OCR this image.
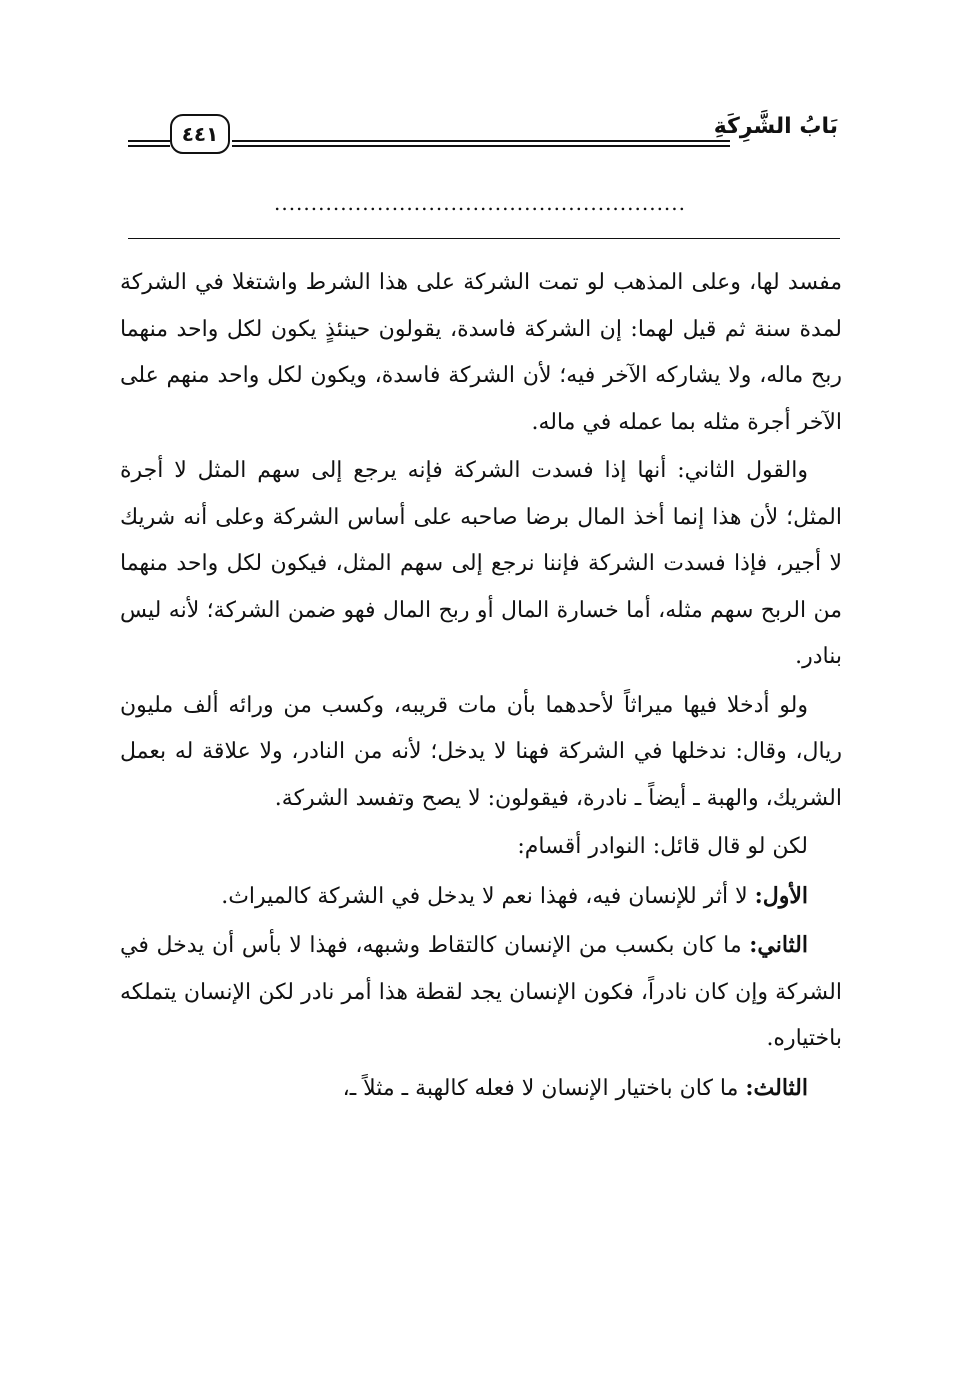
بَابُ الشَّرِكَةِ
٤٤١
........................................................

مفسد لها، وعلى المذهب لو تمت الشركة على هذا الشرط واشتغلا في الشركة لمدة سنة ثم قيل لهما: إن الشركة فاسدة، يقولون حينئذٍ يكون لكل واحد منهما ربح ماله، ولا يشاركه الآخر فيه؛ لأن الشركة فاسدة، ويكون لكل واحد منهم على الآخر أجرة مثله بما عمله في ماله.

والقول الثاني: أنها إذا فسدت الشركة فإنه يرجع إلى سهم المثل لا أجرة المثل؛ لأن هذا إنما أخذ المال برضا صاحبه على أساس الشركة وعلى أنه شريك لا أجير، فإذا فسدت الشركة فإننا نرجع إلى سهم المثل، فيكون لكل واحد منهما من الربح سهم مثله، أما خسارة المال أو ربح المال فهو ضمن الشركة؛ لأنه ليس بنادر.

ولو أدخلا فيها ميراثاً لأحدهما بأن مات قريبه، وكسب من ورائه ألف مليون ريال، وقال: ندخلها في الشركة فهنا لا يدخل؛ لأنه من النادر، ولا علاقة له بعمل الشريك، والهبة ـ أيضاً ـ نادرة، فيقولون: لا يصح وتفسد الشركة.

لكن لو قال قائل: النوادر أقسام:

الأول: لا أثر للإنسان فيه، فهذا نعم لا يدخل في الشركة كالميراث.

الثاني: ما كان بكسب من الإنسان كالتقاط وشبهه، فهذا لا بأس أن يدخل في الشركة وإن كان نادراً، فكون الإنسان يجد لقطة هذا أمر نادر لكن الإنسان يتملكه باختياره.

الثالث: ما كان باختيار الإنسان لا فعله كالهبة ـ مثلاً ـ،
